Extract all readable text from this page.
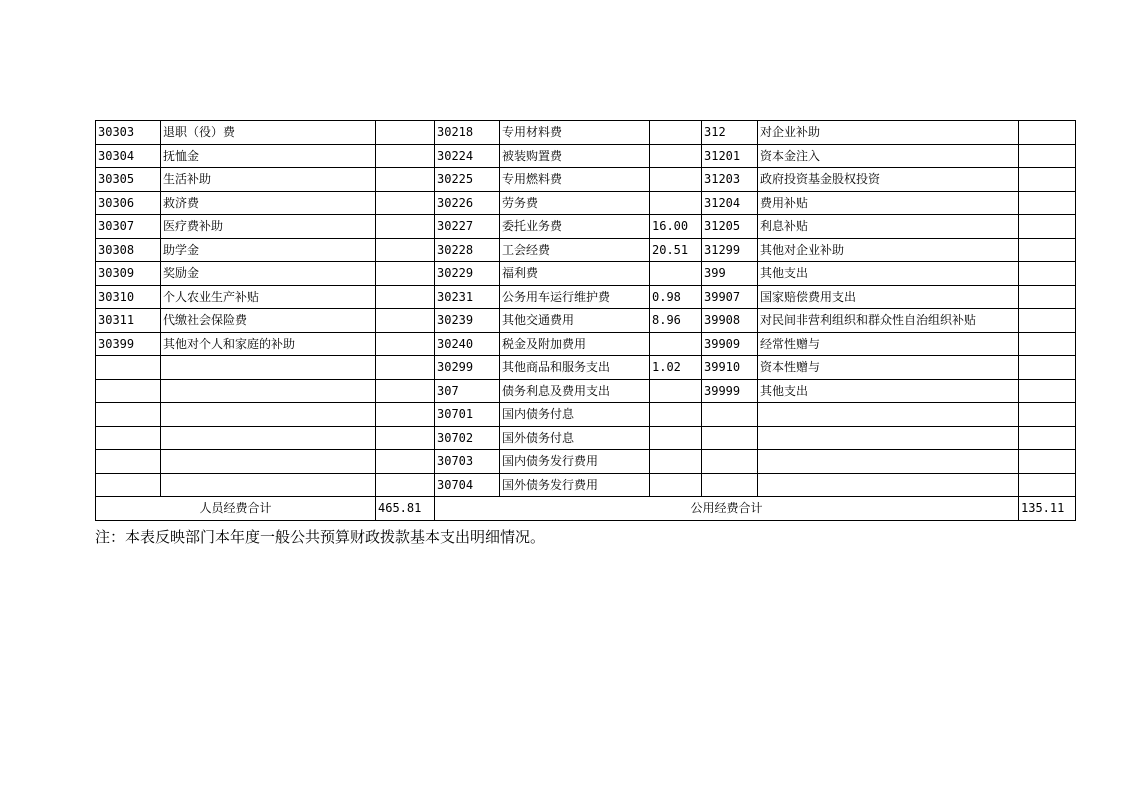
30303	退职（役）费		30218	专用材料费		312	对企业补助	
30304	抚恤金		30224	被装购置费		31201	资本金注入	
30305	生活补助		30225	专用燃料费		31203	政府投资基金股权投资	
30306	救济费		30226	劳务费		31204	费用补贴	
30307	医疗费补助		30227	委托业务费	16.00	31205	利息补贴	
30308	助学金		30228	工会经费	20.51	31299	其他对企业补助	
30309	奖励金		30229	福利费		399	其他支出	
30310	个人农业生产补贴		30231	公务用车运行维护费	0.98	39907	国家赔偿费用支出	
30311	代缴社会保险费		30239	其他交通费用	8.96	39908	对民间非营利组织和群众性自治组织补贴	
30399	其他对个人和家庭的补助		30240	税金及附加费用		39909	经常性赠与	
			30299	其他商品和服务支出	1.02	39910	资本性赠与	
			307	债务利息及费用支出		39999	其他支出	
			30701	国内债务付息				
			30702	国外债务付息				
			30703	国内债务发行费用				
			30704	国外债务发行费用				
人员经费合计		465.81	公用经费合计					135.11
注：本表反映部门本年度一般公共预算财政拨款基本支出明细情况。
